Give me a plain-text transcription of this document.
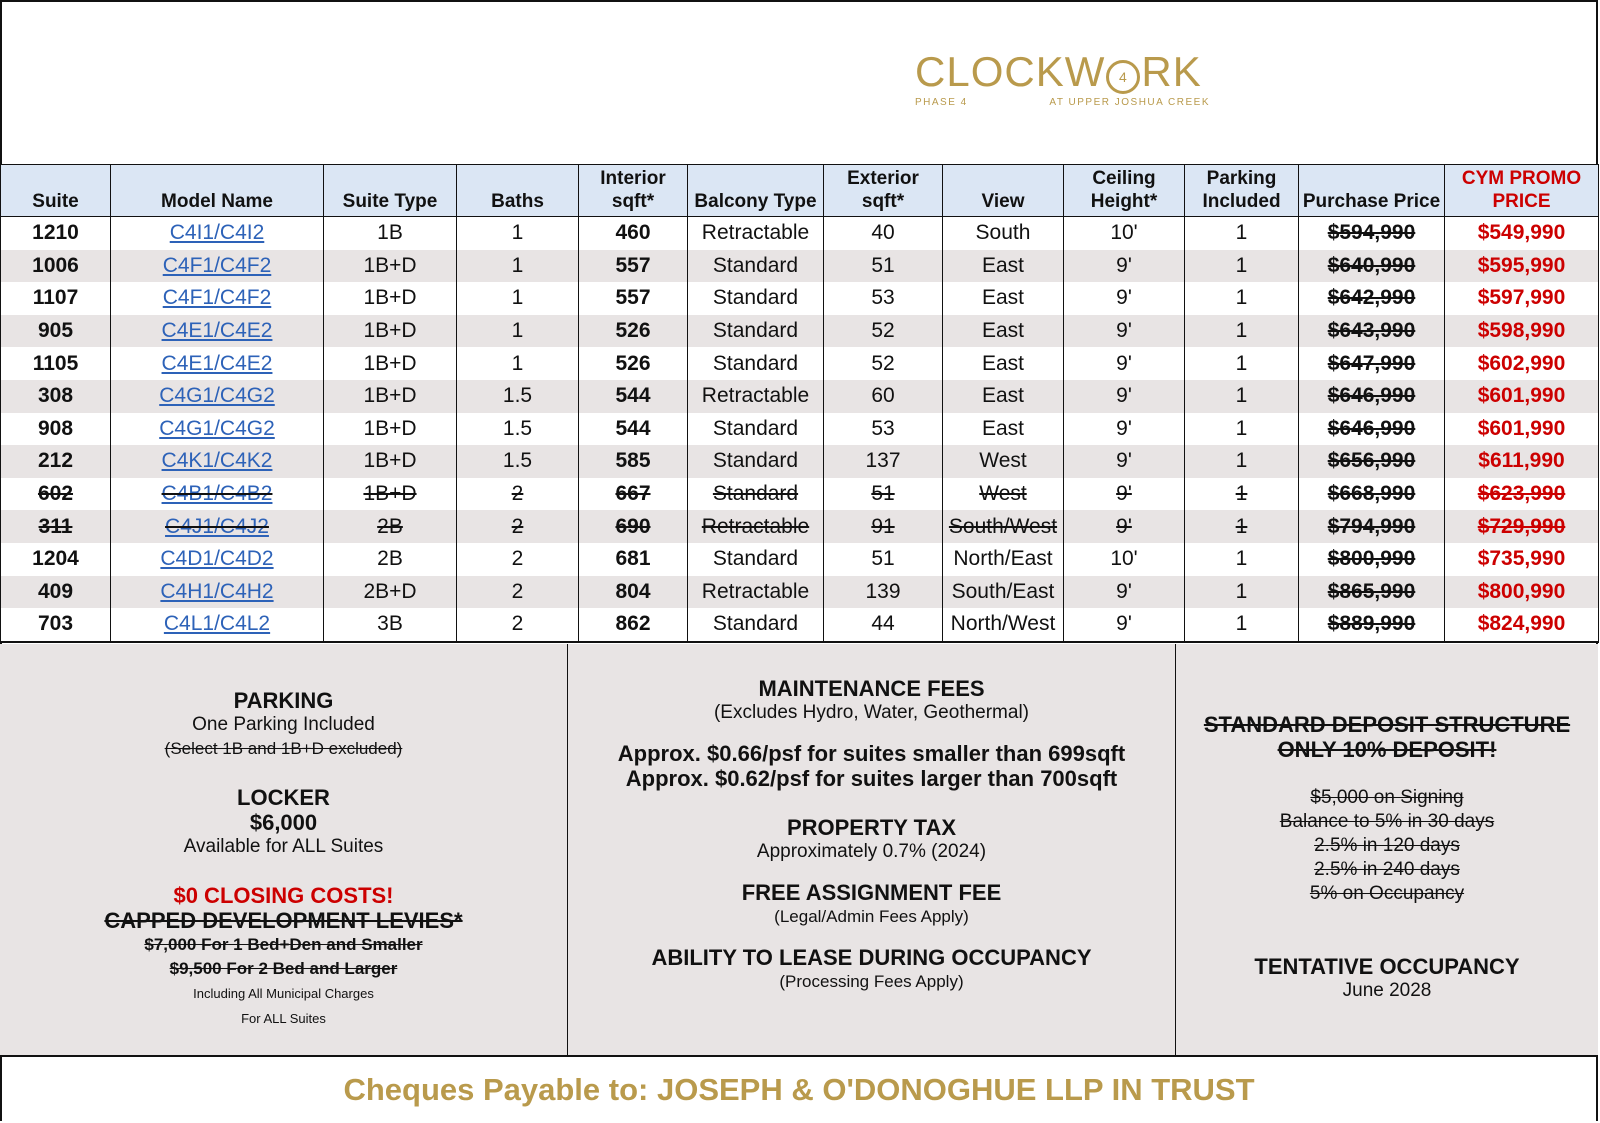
CLOCKW 4 RK
PHASE 4	AT UPPER JOSHUA CREEK
Suite	Model Name	Suite Type	Baths	Interior sqft*	Balcony Type	Exterior sqft*	View	Ceiling Height*	Parking Included	Purchase Price	CYM PROMO PRICE
1210	C4I1/C4I2	1B	1	460	Retractable	40	South	10'	1	$594,990	$549,990
1006	C4F1/C4F2	1B+D	1	557	Standard	51	East	9'	1	$640,990	$595,990
1107	C4F1/C4F2	1B+D	1	557	Standard	53	East	9'	1	$642,990	$597,990
905	C4E1/C4E2	1B+D	1	526	Standard	52	East	9'	1	$643,990	$598,990
1105	C4E1/C4E2	1B+D	1	526	Standard	52	East	9'	1	$647,990	$602,990
308	C4G1/C4G2	1B+D	1.5	544	Retractable	60	East	9'	1	$646,990	$601,990
908	C4G1/C4G2	1B+D	1.5	544	Standard	53	East	9'	1	$646,990	$601,990
212	C4K1/C4K2	1B+D	1.5	585	Standard	137	West	9'	1	$656,990	$611,990
602	C4B1/C4B2	1B+D	2	667	Standard	51	West	9'	1	$668,990	$623,990
311	C4J1/C4J2	2B	2	690	Retractable	91	South/West	9'	1	$794,990	$729,990
1204	C4D1/C4D2	2B	2	681	Standard	51	North/East	10'	1	$800,990	$735,990
409	C4H1/C4H2	2B+D	2	804	Retractable	139	South/East	9'	1	$865,990	$800,990
703	C4L1/C4L2	3B	2	862	Standard	44	North/West	9'	1	$889,990	$824,990
PARKING
One Parking Included
(Select 1B and 1B+D excluded)
LOCKER
$6,000
Available for ALL Suites
$0 CLOSING COSTS!
CAPPED DEVELOPMENT LEVIES*
$7,000 For 1 Bed+Den and Smaller
$9,500 For 2 Bed and Larger
Including All Municipal Charges
For ALL Suites
MAINTENANCE FEES
(Excludes Hydro, Water, Geothermal)
Approx. $0.66/psf for suites smaller than 699sqft
Approx. $0.62/psf for suites larger than 700sqft
PROPERTY TAX
Approximately 0.7% (2024)
FREE ASSIGNMENT FEE
(Legal/Admin Fees Apply)
ABILITY TO LEASE DURING OCCUPANCY
(Processing Fees Apply)
STANDARD DEPOSIT STRUCTURE
ONLY 10% DEPOSIT!
$5,000 on Signing
Balance to 5% in 30 days
2.5% in 120 days
2.5% in 240 days
5% on Occupancy
TENTATIVE OCCUPANCY
June 2028
Cheques Payable to: JOSEPH & O'DONOGHUE LLP IN TRUST
